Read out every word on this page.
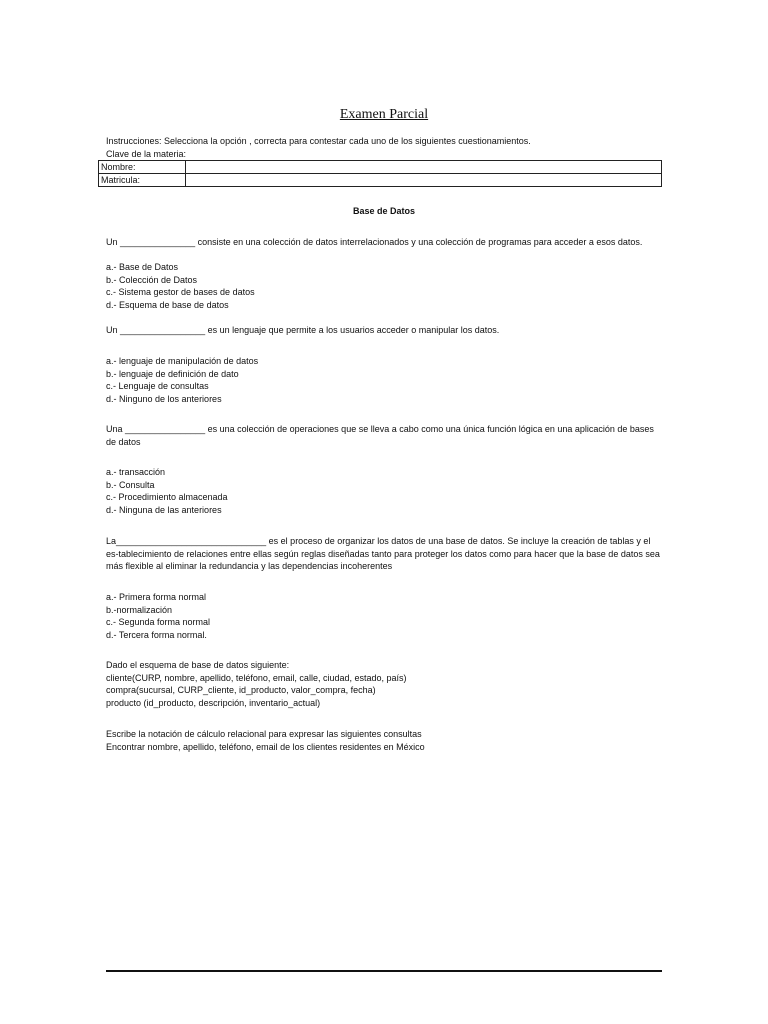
Examen Parcial
Instrucciones: Selecciona la opción , correcta para contestar cada uno de los siguientes cuestionamientos.
Clave de la materia:
Nombre:	
Matricula:	
Base de Datos

Un _______________ consiste en una colección de datos interrelacionados y una colección de programas para acceder a esos datos.

a.- Base de Datos

b.- Colección de Datos

c.- Sistema gestor de bases de datos

d.- Esquema de base de datos

Un _________________ es un lenguaje que permite a los usuarios acceder o manipular los datos.

a.- lenguaje de manipulación de datos

b.- lenguaje de definición de dato

c.- Lenguaje de consultas

d.- Ninguno de los anteriores

Una ________________ es una colección de operaciones que se lleva a cabo como una única función lógica en una aplicación de bases de datos

a.- transacción

b.- Consulta

c.- Procedimiento almacenada

d.- Ninguna de las anteriores

La______________________________ es el proceso de organizar los datos de una base de datos. Se incluye la creación de tablas y el es-tablecimiento de relaciones entre ellas según reglas diseñadas tanto para proteger los datos como para hacer que la base de datos sea más flexible al eliminar la redundancia y las dependencias incoherentes

a.- Primera forma normal

b.-normalización

c.- Segunda forma normal

d.- Tercera forma normal.

Dado el esquema de base de datos siguiente:

cliente(CURP, nombre, apellido, teléfono, email, calle, ciudad, estado, país)

compra(sucursal, CURP_cliente, id_producto, valor_compra, fecha)

producto (id_producto, descripción, inventario_actual)

Escribe la notación de cálculo relacional para expresar las siguientes consultas

Encontrar nombre, apellido, teléfono, email de los clientes residentes en México
